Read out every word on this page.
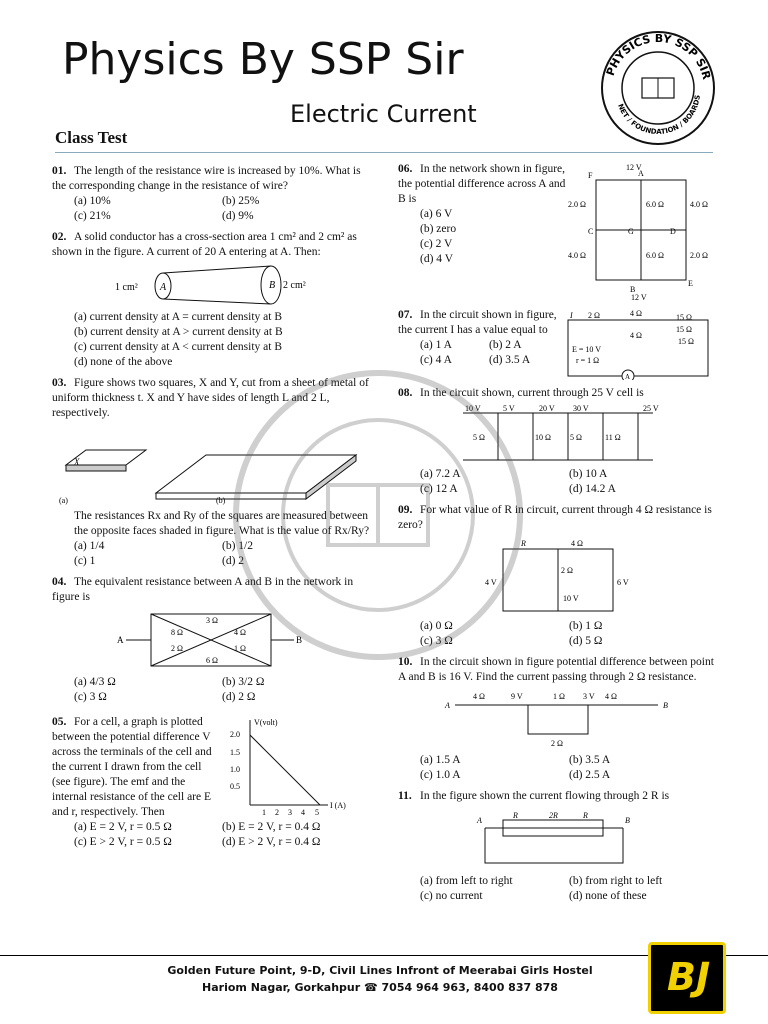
Physics By SSP Sir
Electric Current
Class Test
PHYSICS BY SSP SIR
NET / FOUNDATION / BOARDS
01. The length of the resistance wire is increased by 10%. What is the corresponding change in the resistance of wire?
(a) 10%	(b) 25%
(c) 21%	(d) 9%
02. A solid conductor has a cross-section area 1 cm² and 2 cm² as shown in the figure. A current of 20 A entering at A. Then:
1 cm² A	B 2 cm²
(a) current density at A = current density at B
(b) current density at A > current density at B
(c) current density at A < current density at B
(d) none of the above
03. Figure shows two squares, X and Y, cut from a sheet of metal of uniform thickness t. X and Y have sides of length L and 2 L, respectively.
X
(a)	(b)
The resistances Rx and Ry of the squares are measured between the opposite faces shaded in figure. What is the value of Rx/Ry?
(a) 1/4	(b) 1/2
(c) 1	(d) 2
04. The equivalent resistance between A and B in the network in figure is
A	B
3 Ω
8 Ω	4 Ω
2 Ω	1 Ω
6 Ω
(a) 4/3 Ω	(b) 3/2 Ω
(c) 3 Ω	(d) 2 Ω
05. For a cell, a graph is plotted between the potential difference V across the terminals of the cell and the current I drawn from the cell (see figure). The emf and the internal resistance of the cell are E and r, respectively. Then
V(volt)
I (A)
2.0
1.5
1.0
0.5
1 2 3 4 5
(a) E = 2 V, r = 0.5 Ω	(b) E = 2 V, r = 0.4 Ω
(c) E > 2 V, r = 0.5 Ω	(d) E > 2 V, r = 0.4 Ω
06. In the network shown in figure, the potential difference across A and B is
(a) 6 V
(b) zero
(c) 2 V
(d) 4 V
12 V
12 V
2.0 Ω	6.0 Ω	4.0 Ω
4.0 Ω	6.0 Ω	2.0 Ω
F	A
C	G	D
B
E
07. In the circuit shown in figure, the current I has a value equal to
(a) 1 A	(b) 2 A
(c) 4 A	(d) 3.5 A
I 2 Ω	4 Ω
4 Ω
15 Ω
15 Ω
15 Ω
E = 10 V
r = 1 Ω
A
08. In the circuit shown, current through 25 V cell is
10 V	5 V	20 V 30 V	25 V
5 Ω	10 Ω 5 Ω	11 Ω
(a) 7.2 A	(b) 10 A
(c) 12 A	(d) 14.2 A
09. For what value of R in circuit, current through 4 Ω resistance is zero?
R	4 Ω
2 Ω
10 V
4 V	6 V
(a) 0 Ω	(b) 1 Ω
(c) 3 Ω	(d) 5 Ω
10. In the circuit shown in figure potential difference between point A and B is 16 V. Find the current passing through 2 Ω resistance.
A	B
4 Ω	9 V	1 Ω 3 V 4 Ω
2 Ω
(a) 1.5 A	(b) 3.5 A
(c) 1.0 A	(d) 2.5 A
11. In the figure shown the current flowing through 2 R is
A
R	2R	R
B
(a) from left to right	(b) from right to left
(c) no current	(d) none of these
Golden Future Point, 9-D, Civil Lines Infront of Meerabai Girls Hostel
Hariom Nagar, Gorkahpur ☎ 7054 964 963, 8400 837 878	BJ
